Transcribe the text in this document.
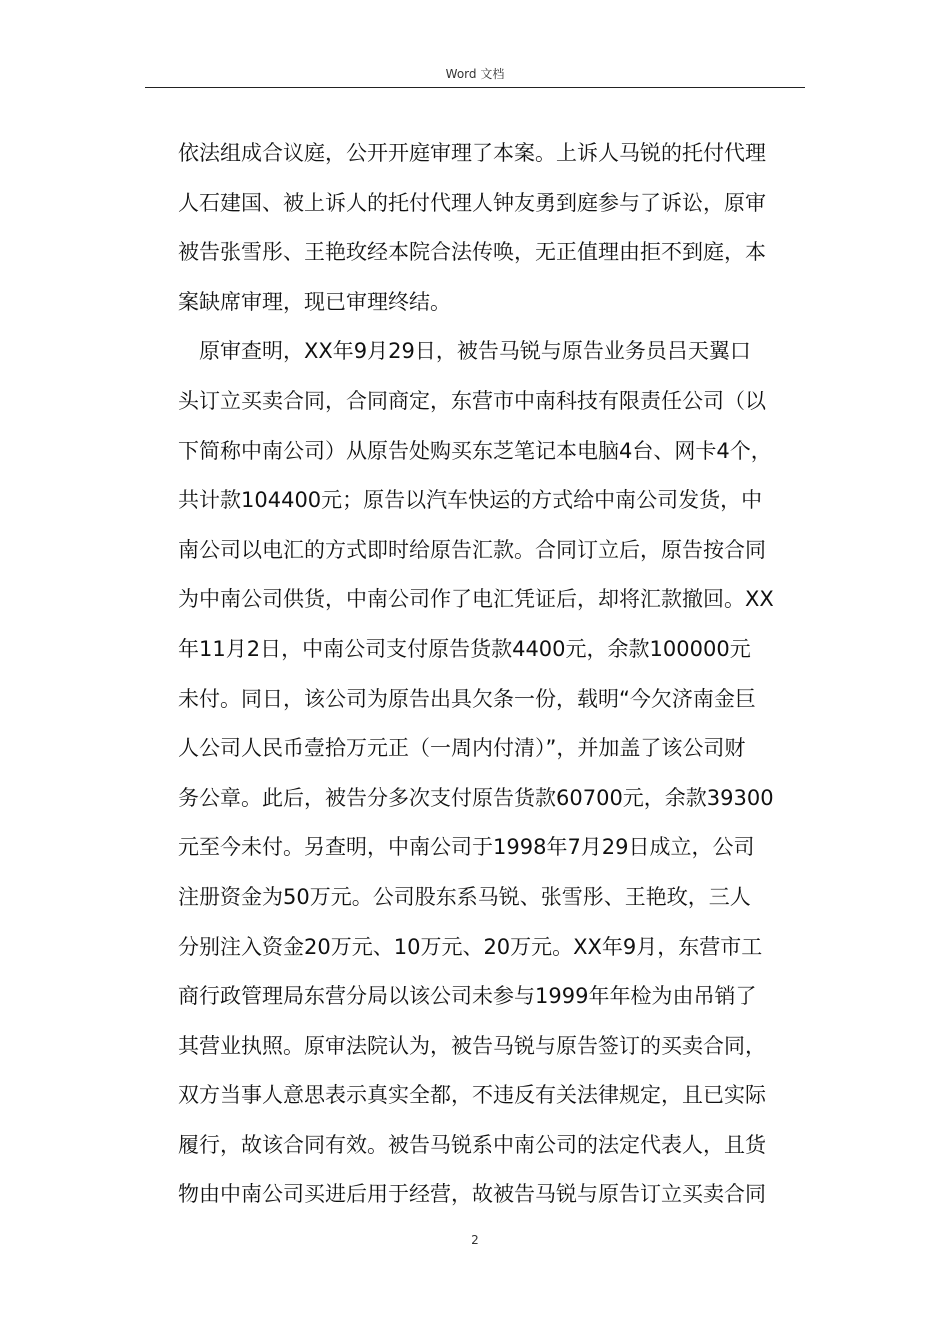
Word 文档
依法组成合议庭，公开开庭审理了本案。上诉人马锐的托付代理
人石建国、被上诉人的托付代理人钟友勇到庭参与了诉讼，原审
被告张雪彤、王艳玫经本院合法传唤，无正值理由拒不到庭，本
案缺席审理，现已审理终结。
原审查明，XX年9月29日，被告马锐与原告业务员吕天翼口
头订立买卖合同，合同商定，东营市中南科技有限责任公司（以
下简称中南公司）从原告处购买东芝笔记本电脑4台、网卡4个，
共计款104400元；原告以汽车快运的方式给中南公司发货，中
南公司以电汇的方式即时给原告汇款。合同订立后，原告按合同
为中南公司供货，中南公司作了电汇凭证后，却将汇款撤回。XX
年11月2日，中南公司支付原告货款4400元，余款100000元
未付。同日，该公司为原告出具欠条一份，载明“今欠济南金巨
人公司人民币壹拾万元正（一周内付清）”，并加盖了该公司财
务公章。此后，被告分多次支付原告货款60700元，余款39300
元至今未付。另查明，中南公司于1998年7月29日成立，公司
注册资金为50万元。公司股东系马锐、张雪彤、王艳玫，三人
分别注入资金20万元、10万元、20万元。XX年9月，东营市工
商行政管理局东营分局以该公司未参与1999年年检为由吊销了
其营业执照。原审法院认为，被告马锐与原告签订的买卖合同，
双方当事人意思表示真实全都，不违反有关法律规定，且已实际
履行，故该合同有效。被告马锐系中南公司的法定代表人，且货
物由中南公司买进后用于经营，故被告马锐与原告订立买卖合同
2
